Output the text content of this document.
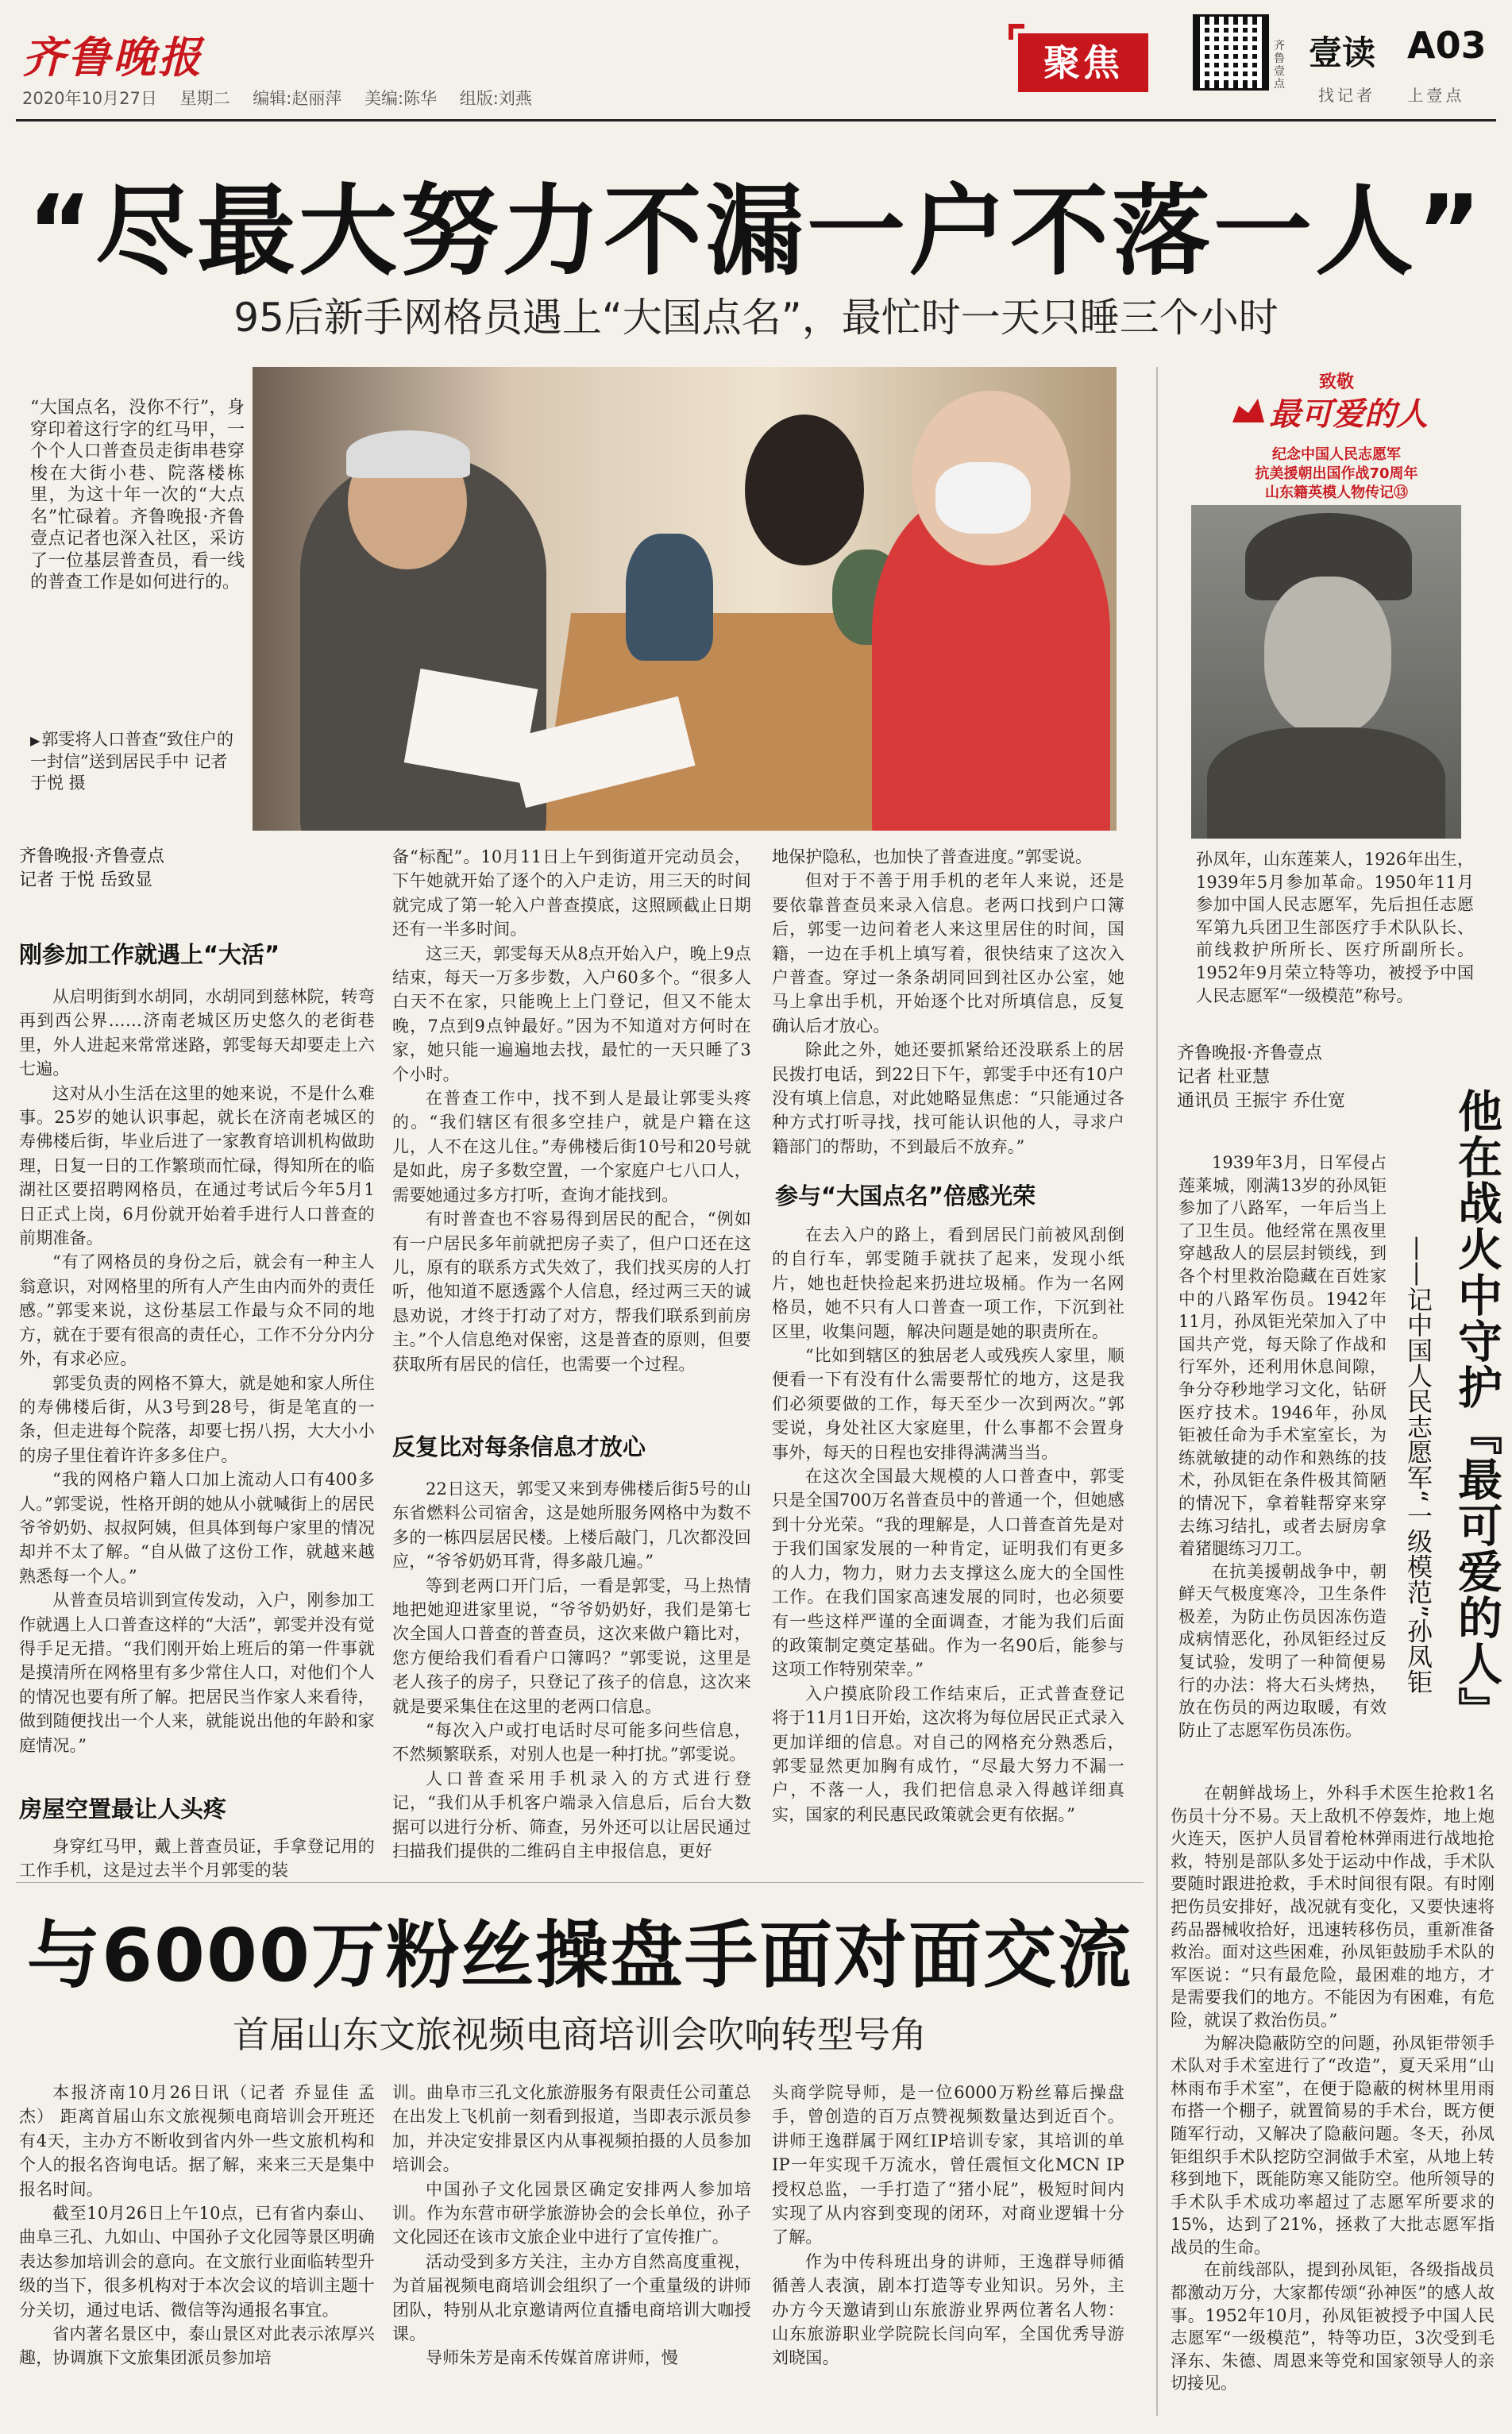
齐鲁晚报
2020年10月27日 星期二 编辑:赵丽萍 美编:陈华 组版:刘燕
聚焦	齐鲁壹点
壹读 A03
找记者 上壹点
“尽最大努力不漏一户不落一人”
95后新手网格员遇上“大国点名”，最忙时一天只睡三个小时
“大国点名，没你不行”，身穿印着这行字的红马甲，一个个人口普查员走街串巷穿梭在大街小巷、院落楼栋里，为这十年一次的“大点名”忙碌着。齐鲁晚报·齐鲁壹点记者也深入社区，采访了一位基层普查员，看一线的普查工作是如何进行的。
▶ 郭雯将人口普查“致住户的一封信”送到居民手中 记者 于悦 摄
齐鲁晚报·齐鲁壹点
记者 于悦 岳致显
刚参加工作就遇上“大活”

从启明街到水胡同，水胡同到慈林院，转弯再到西公界……济南老城区历史悠久的老街巷里，外人进起来常常迷路，郭雯每天却要走上六七遍。

这对从小生活在这里的她来说，不是什么难事。25岁的她认识事起，就长在济南老城区的寿佛楼后街，毕业后进了一家教育培训机构做助理，日复一日的工作繁琐而忙碌，得知所在的临湖社区要招聘网格员，在通过考试后今年5月1日正式上岗，6月份就开始着手进行人口普查的前期准备。

“有了网格员的身份之后，就会有一种主人翁意识，对网格里的所有人产生由内而外的责任感。”郭雯来说，这份基层工作最与众不同的地方，就在于要有很高的责任心，工作不分分内分外，有求必应。

郭雯负责的网格不算大，就是她和家人所住的寿佛楼后街，从3号到28号，街是笔直的一条，但走进每个院落，却要七拐八拐，大大小小的房子里住着许许多多住户。

“我的网格户籍人口加上流动人口有400多人。”郭雯说，性格开朗的她从小就喊街上的居民爷爷奶奶、叔叔阿姨，但具体到每户家里的情况却并不太了解。“自从做了这份工作，就越来越熟悉每一个人。”

从普查员培训到宣传发动，入户，刚参加工作就遇上人口普查这样的“大活”，郭雯并没有觉得手足无措。“我们刚开始上班后的第一件事就是摸清所在网格里有多少常住人口，对他们个人的情况也要有所了解。把居民当作家人来看待，做到随便找出一个人来，就能说出他的年龄和家庭情况。”

房屋空置最让人头疼

身穿红马甲，戴上普查员证，手拿登记用的工作手机，这是过去半个月郭雯的装

备“标配”。10月11日上午到街道开完动员会，下午她就开始了逐个的入户走访，用三天的时间就完成了第一轮入户普查摸底，这照顾截止日期还有一半多时间。

这三天，郭雯每天从8点开始入户，晚上9点结束，每天一万多步数，入户60多个。“很多人白天不在家，只能晚上上门登记，但又不能太晚，7点到9点钟最好。”因为不知道对方何时在家，她只能一遍遍地去找，最忙的一天只睡了3个小时。

在普查工作中，找不到人是最让郭雯头疼的。“我们辖区有很多空挂户，就是户籍在这儿，人不在这儿住。”寿佛楼后街10号和20号就是如此，房子多数空置，一个家庭户七八口人，需要她通过多方打听，查询才能找到。

有时普查也不容易得到居民的配合，“例如有一户居民多年前就把房子卖了，但户口还在这儿，原有的联系方式失效了，我们找买房的人打听，他知道不愿透露个人信息，经过两三天的诚恳劝说，才终于打动了对方，帮我们联系到前房主。”个人信息绝对保密，这是普查的原则，但要获取所有居民的信任，也需要一个过程。

反复比对每条信息才放心

22日这天，郭雯又来到寿佛楼后街5号的山东省燃料公司宿舍，这是她所服务网格中为数不多的一栋四层居民楼。上楼后敲门，几次都没回应，“爷爷奶奶耳背，得多敲几遍。”

等到老两口开门后，一看是郭雯，马上热情地把她迎进家里说，“爷爷奶奶好，我们是第七次全国人口普查的普查员，这次来做户籍比对，您方便给我们看看户口簿吗？”郭雯说，这里是老人孩子的房子，只登记了孩子的信息，这次来就是要采集住在这里的老两口信息。

“每次入户或打电话时尽可能多问些信息，不然频繁联系，对别人也是一种打扰。”郭雯说。

人口普查采用手机录入的方式进行登记，“我们从手机客户端录入信息后，后台大数据可以进行分析、筛查，另外还可以让居民通过扫描我们提供的二维码自主申报信息，更好

地保护隐私，也加快了普查进度。”郭雯说。

但对于不善于用手机的老年人来说，还是要依靠普查员来录入信息。老两口找到户口簿后，郭雯一边问着老人来这里居住的时间，国籍，一边在手机上填写着，很快结束了这次入户普查。穿过一条条胡同回到社区办公室，她马上拿出手机，开始逐个比对所填信息，反复确认后才放心。

除此之外，她还要抓紧给还没联系上的居民拨打电话，到22日下午，郭雯手中还有10户没有填上信息，对此她略显焦虑：“只能通过各种方式打听寻找，找可能认识他的人，寻求户籍部门的帮助，不到最后不放弃。”

参与“大国点名”倍感光荣

在去入户的路上，看到居民门前被风刮倒的自行车，郭雯随手就扶了起来，发现小纸片，她也赶快捡起来扔进垃圾桶。作为一名网格员，她不只有人口普查一项工作，下沉到社区里，收集问题，解决问题是她的职责所在。

“比如到辖区的独居老人或残疾人家里，顺便看一下有没有什么需要帮忙的地方，这是我们必须要做的工作，每天至少一次到两次。”郭雯说，身处社区大家庭里，什么事都不会置身事外，每天的日程也安排得满满当当。

在这次全国最大规模的人口普查中，郭雯只是全国700万名普查员中的普通一个，但她感到十分光荣。“我的理解是，人口普查首先是对于我们国家发展的一种肯定，证明我们有更多的人力，物力，财力去支撑这么庞大的全国性工作。在我们国家高速发展的同时，也必须要有一些这样严谨的全面调查，才能为我们后面的政策制定奠定基础。作为一名90后，能参与这项工作特别荣幸。”

入户摸底阶段工作结束后，正式普查登记将于11月1日开始，这次将为每位居民正式录入更加详细的信息。对自己的网格充分熟悉后，郭雯显然更加胸有成竹，“尽最大努力不漏一户，不落一人，我们把信息录入得越详细真实，国家的利民惠民政策就会更有依据。”

致敬
最可爱的人
纪念中国人民志愿军
抗美援朝出国作战70周年
山东籍英模人物传记⑬
孙凤年，山东莲莱人，1926年出生，1939年5月参加革命。1950年11月参加中国人民志愿军，先后担任志愿军第九兵团卫生部医疗手术队队长、前线救护所所长、医疗所副所长。1952年9月荣立特等功，被授予中国人民志愿军“一级模范”称号。
齐鲁晚报·齐鲁壹点
记者 杜亚慧
通讯员 王振宇 乔仕宽	他在战火中守护『最可爱的人』
——记中国人民志愿军“一级模范”孙凤钜

1939年3月，日军侵占莲莱城，刚满13岁的孙凤钜参加了八路军，一年后当上了卫生员。他经常在黑夜里穿越敌人的层层封锁线，到各个村里救治隐藏在百姓家中的八路军伤员。1942年11月，孙凤钜光荣加入了中国共产党，每天除了作战和行军外，还利用休息间隙，争分夺秒地学习文化，钻研医疗技术。1946年，孙凤钜被任命为手术室室长，为练就敏捷的动作和熟练的技术，孙凤钜在条件极其简陋的情况下，拿着鞋帮穿来穿去练习结扎，或者去厨房拿着猪腿练习刀工。

在抗美援朝战争中，朝鲜天气极度寒冷，卫生条件极差，为防止伤员因冻伤造成病情恶化，孙凤钜经过反复试验，发明了一种简便易行的办法：将大石头烤热，放在伤员的两边取暖，有效防止了志愿军伤员冻伤。

在朝鲜战场上，外科手术医生抢救1名伤员十分不易。天上敌机不停轰炸，地上炮火连天，医护人员冒着枪林弹雨进行战地抢救，特别是部队多处于运动中作战，手术队要随时跟进抢救，手术时间很有限。有时刚把伤员安排好，战况就有变化，又要快速将药品器械收拾好，迅速转移伤员，重新准备救治。面对这些困难，孙凤钜鼓励手术队的军医说：“只有最危险，最困难的地方，才是需要我们的地方。不能因为有困难，有危险，就误了救治伤员。”

为解决隐蔽防空的问题，孙凤钜带领手术队对手术室进行了“改造”，夏天采用“山林雨布手术室”，在便于隐蔽的树林里用雨布搭一个棚子，就置简易的手术台，既方便随军行动，又解决了隐蔽问题。冬天，孙凤钜组织手术队挖防空洞做手术室，从地上转移到地下，既能防寒又能防空。他所领导的手术队手术成功率超过了志愿军所要求的15%，达到了21%，拯救了大批志愿军指战员的生命。

在前线部队，提到孙凤钜，各级指战员都激动万分，大家都传颂“孙神医”的感人故事。1952年10月，孙凤钜被授予中国人民志愿军“一级模范”，特等功臣，3次受到毛泽东、朱德、周恩来等党和国家领导人的亲切接见。

与6000万粉丝操盘手面对面交流
首届山东文旅视频电商培训会吹响转型号角

本报济南10月26日讯（记者 乔显佳 孟杰） 距离首届山东文旅视频电商培训会开班还有4天，主办方不断收到省内外一些文旅机构和个人的报名咨询电话。据了解，来来三天是集中报名时间。

截至10月26日上午10点，已有省内泰山、曲阜三孔、九如山、中国孙子文化园等景区明确表达参加培训会的意向。在文旅行业面临转型升级的当下，很多机构对于本次会议的培训主题十分关切，通过电话、微信等沟通报名事宜。

省内著名景区中，泰山景区对此表示浓厚兴趣，协调旗下文旅集团派员参加培

训。曲阜市三孔文化旅游服务有限责任公司董总在出发上飞机前一刻看到报道，当即表示派员参加，并决定安排景区内从事视频拍摄的人员参加培训会。

中国孙子文化园景区确定安排两人参加培训。作为东营市研学旅游协会的会长单位，孙子文化园还在该市文旅企业中进行了宣传推广。

活动受到多方关注，主办方自然高度重视，为首届视频电商培训会组织了一个重量级的讲师团队，特别从北京邀请两位直播电商培训大咖授课。

导师朱芳是南禾传媒首席讲师，慢

头商学院导师，是一位6000万粉丝幕后操盘手，曾创造的百万点赞视频数量达到近百个。讲师王逸群属于网红IP培训专家，其培训的单IP一年实现千万流水，曾任震恒文化MCN IP授权总监，一手打造了“猪小屁”，极短时间内实现了从内容到变现的闭环，对商业逻辑十分了解。

作为中传科班出身的讲师，王逸群导师循循善人表演，剧本打造等专业知识。另外，主办方今天邀请到山东旅游业界两位著名人物：山东旅游职业学院院长闫向军，全国优秀导游刘晓国。
